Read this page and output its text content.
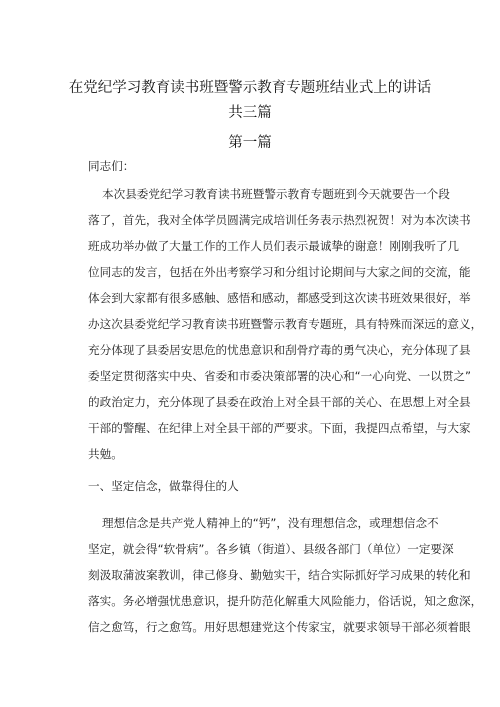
在党纪学习教育读书班暨警示教育专题班结业式上的讲话
共三篇
第一篇
同志们：
本次县委党纪学习教育读书班暨警示教育专题班到今天就要告一个段
落了，首先，我对全体学员圆满完成培训任务表示热烈祝贺！对为本次读书
班成功举办做了大量工作的工作人员们表示最诚挚的谢意！刚刚我听了几
位同志的发言，包括在外出考察学习和分组讨论期间与大家之间的交流，能
体会到大家都有很多感触、感悟和感动，都感受到这次读书班效果很好，举
办这次县委党纪学习教育读书班暨警示教育专题班，具有特殊而深远的意义，
充分体现了县委居安思危的忧患意识和刮骨疗毒的勇气决心，充分体现了县
委坚定贯彻落实中央、省委和市委决策部署的决心和“一心向党、一以贯之”
的政治定力，充分体现了县委在政治上对全县干部的关心、在思想上对全县
干部的警醒、在纪律上对全县干部的严要求。下面，我提四点希望，与大家
共勉。
一、坚定信念，做靠得住的人
理想信念是共产党人精神上的“钙”，没有理想信念，或理想信念不
坚定，就会得“软骨病”。各乡镇（街道）、县级各部门（单位）一定要深
刻汲取蒲波案教训，律己修身、勤勉实干，结合实际抓好学习成果的转化和
落实。务必增强忧患意识，提升防范化解重大风险能力，俗话说，知之愈深，
信之愈笃，行之愈笃。用好思想建党这个传家宝，就要求领导干部必须着眼
